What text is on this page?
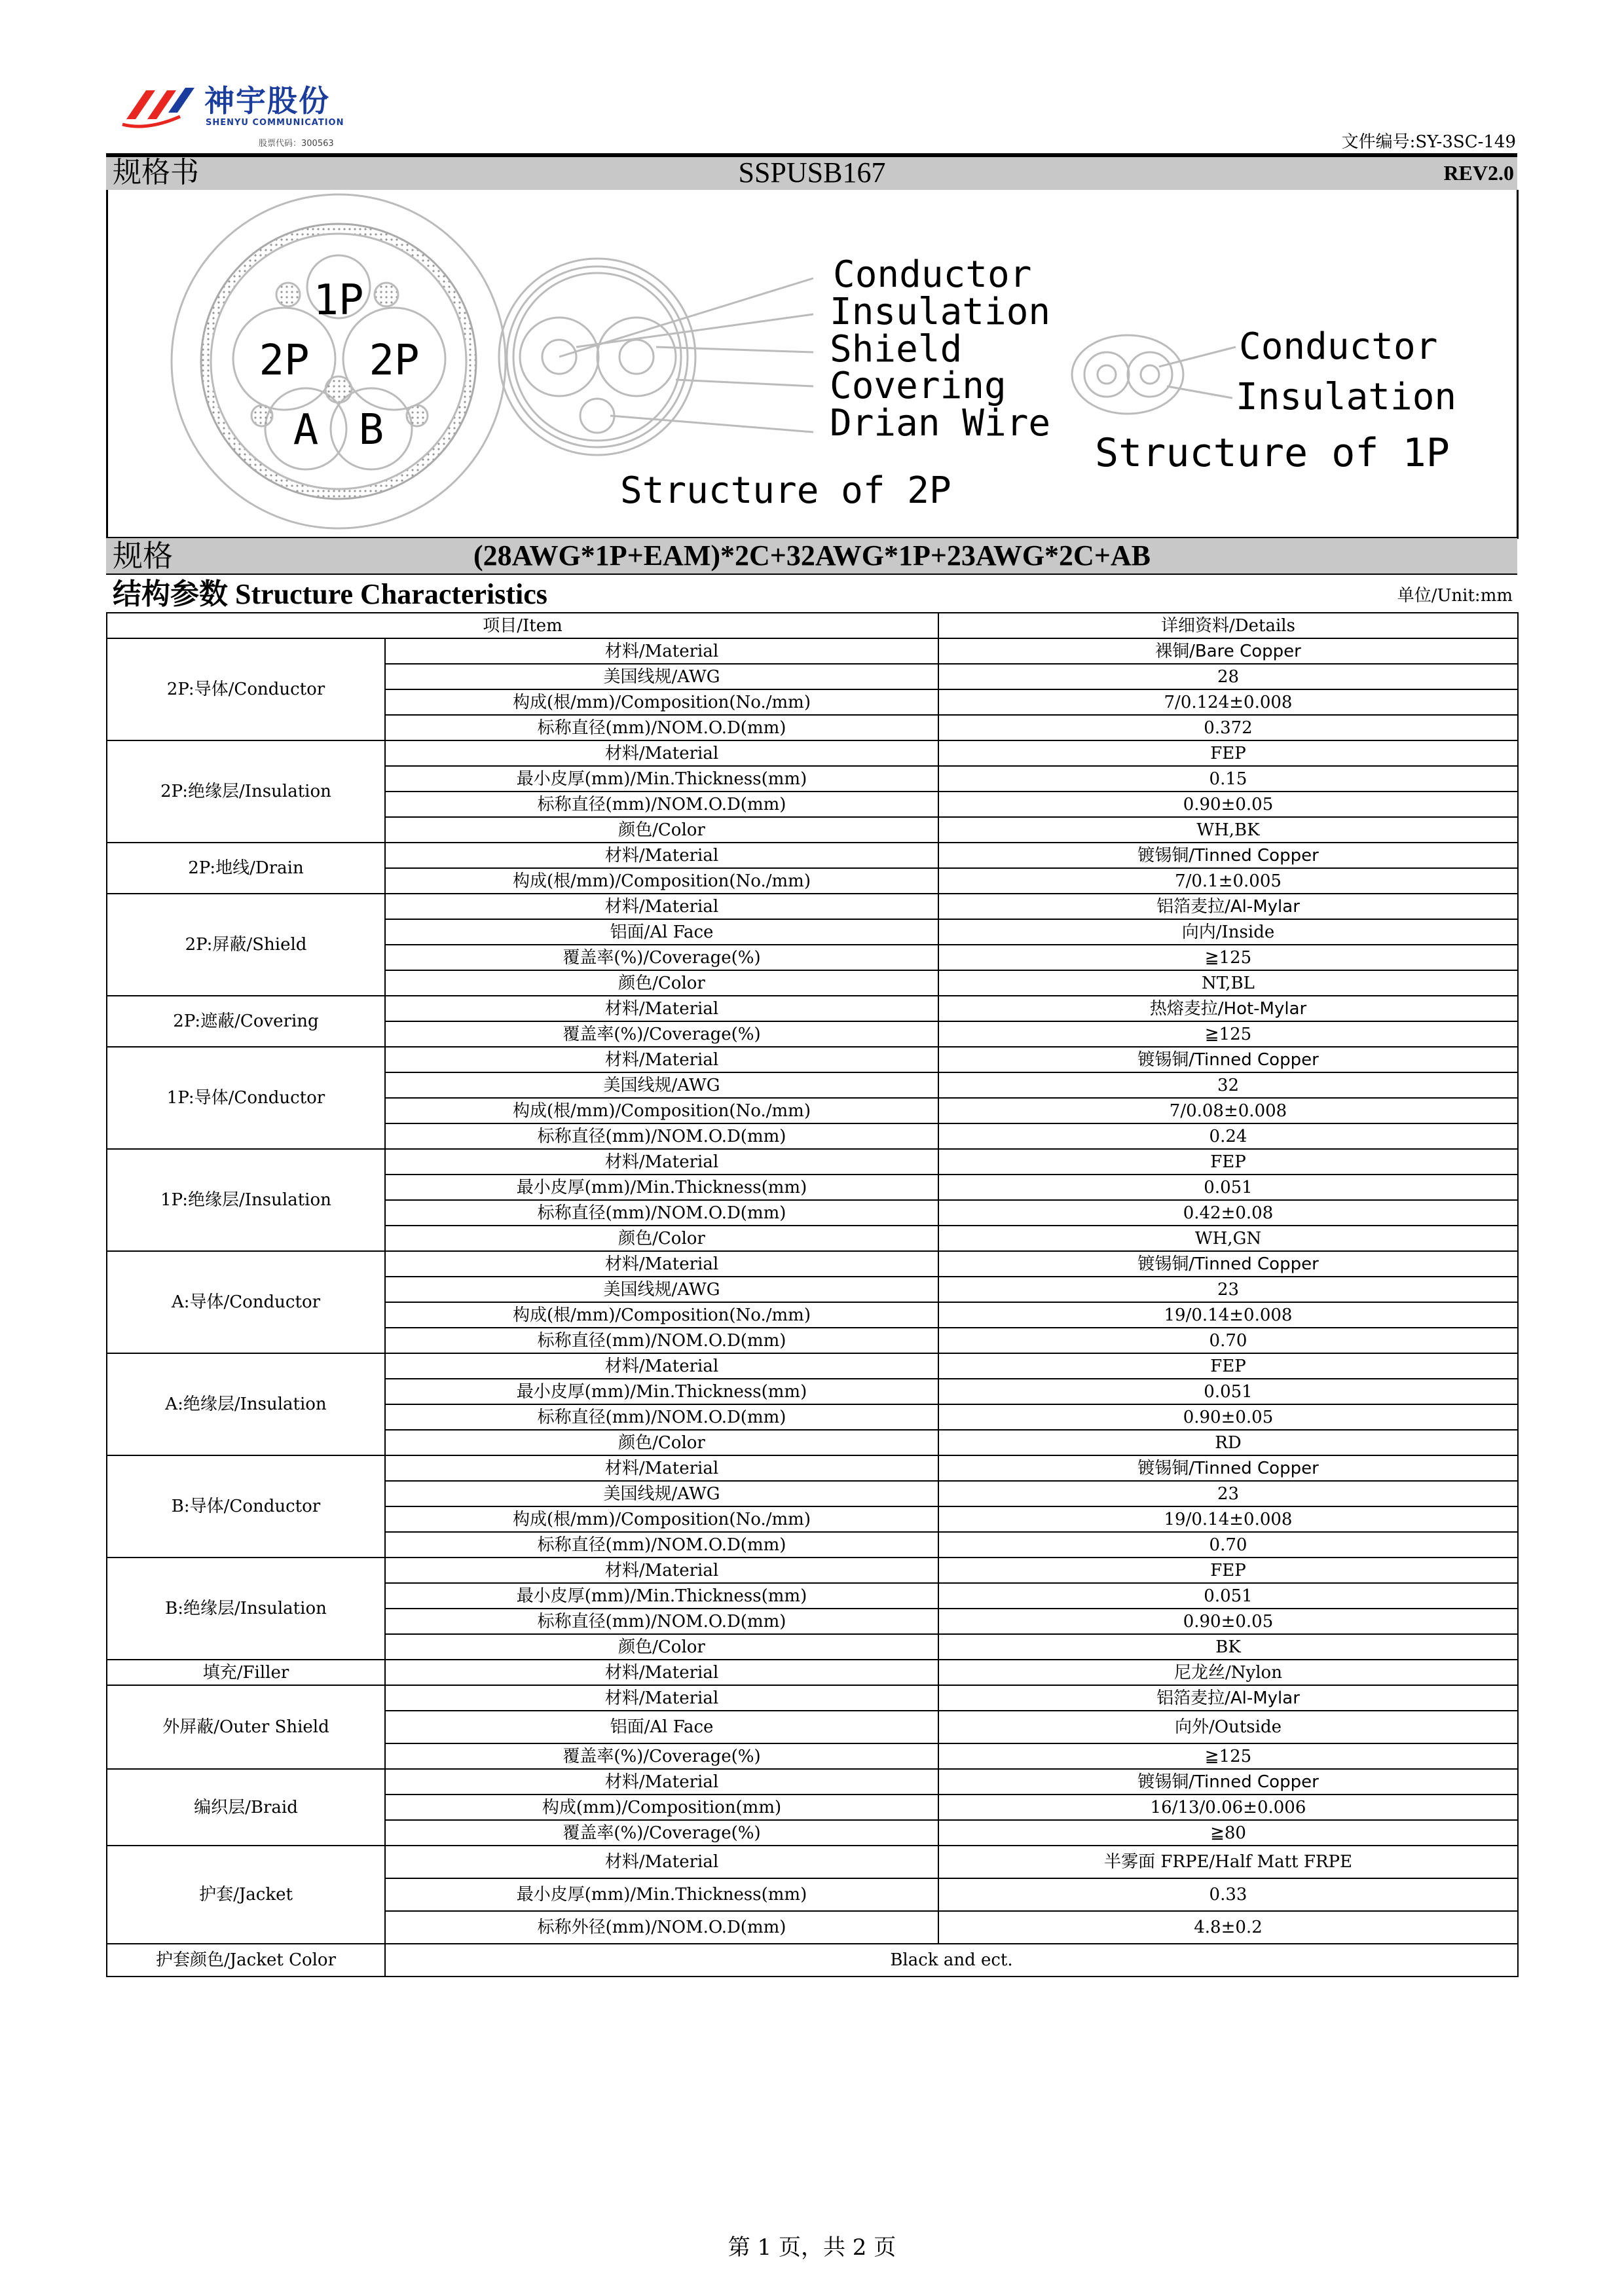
神宇股份
SHENYU COMMUNICATION
股票代码：300563	文件编号:SY-3SC-149
规格书	SSPUSB167	REV2.0
1P
2P 2P
A B
Conductor
Insulation
Shield
Covering
Drian Wire
Structure of 2P
Conductor
Insulation
Structure of 1P
规格	(28AWG*1P+EAM)*2C+32AWG*1P+23AWG*2C+AB
结构参数 Structure Characteristics	单位/Unit:mm
项目/Item		详细资料/Details
2P:导体/Conductor	材料/Material	裸铜/Bare Copper
	美国线规/AWG	28
	构成(根/mm)/Composition(No./mm)	7/0.124±0.008
	标称直径(mm)/NOM.O.D(mm)	0.372
2P:绝缘层/Insulation	材料/Material	FEP
	最小皮厚(mm)/Min.Thickness(mm)	0.15
	标称直径(mm)/NOM.O.D(mm)	0.90±0.05
	颜色/Color	WH,BK
2P:地线/Drain	材料/Material	镀锡铜/Tinned Copper
	构成(根/mm)/Composition(No./mm)	7/0.1±0.005
2P:屏蔽/Shield	材料/Material	铝箔麦拉/Al-Mylar
	铝面/Al Face	向内/Inside
	覆盖率(%)/Coverage(%)	≧125
	颜色/Color	NT,BL
2P:遮蔽/Covering	材料/Material	热熔麦拉/Hot-Mylar
	覆盖率(%)/Coverage(%)	≧125
1P:导体/Conductor	材料/Material	镀锡铜/Tinned Copper
	美国线规/AWG	32
	构成(根/mm)/Composition(No./mm)	7/0.08±0.008
	标称直径(mm)/NOM.O.D(mm)	0.24
1P:绝缘层/Insulation	材料/Material	FEP
	最小皮厚(mm)/Min.Thickness(mm)	0.051
	标称直径(mm)/NOM.O.D(mm)	0.42±0.08
	颜色/Color	WH,GN
A:导体/Conductor	材料/Material	镀锡铜/Tinned Copper
	美国线规/AWG	23
	构成(根/mm)/Composition(No./mm)	19/0.14±0.008
	标称直径(mm)/NOM.O.D(mm)	0.70
A:绝缘层/Insulation	材料/Material	FEP
	最小皮厚(mm)/Min.Thickness(mm)	0.051
	标称直径(mm)/NOM.O.D(mm)	0.90±0.05
	颜色/Color	RD
B:导体/Conductor	材料/Material	镀锡铜/Tinned Copper
	美国线规/AWG	23
	构成(根/mm)/Composition(No./mm)	19/0.14±0.008
	标称直径(mm)/NOM.O.D(mm)	0.70
B:绝缘层/Insulation	材料/Material	FEP
	最小皮厚(mm)/Min.Thickness(mm)	0.051
	标称直径(mm)/NOM.O.D(mm)	0.90±0.05
	颜色/Color	BK
填充/Filler	材料/Material	尼龙丝/Nylon
外屏蔽/Outer Shield	材料/Material	铝箔麦拉/Al-Mylar
	铝面/Al Face	向外/Outside
	覆盖率(%)/Coverage(%)	≧125
编织层/Braid	材料/Material	镀锡铜/Tinned Copper
	构成(mm)/Composition(mm)	16/13/0.06±0.006
	覆盖率(%)/Coverage(%)	≧80
护套/Jacket	材料/Material	半雾面 FRPE/Half Matt FRPE
	最小皮厚(mm)/Min.Thickness(mm)	0.33
	标称外径(mm)/NOM.O.D(mm)	4.8±0.2
护套颜色/Jacket Color	Black and ect.	
第 1 页，共 2 页
